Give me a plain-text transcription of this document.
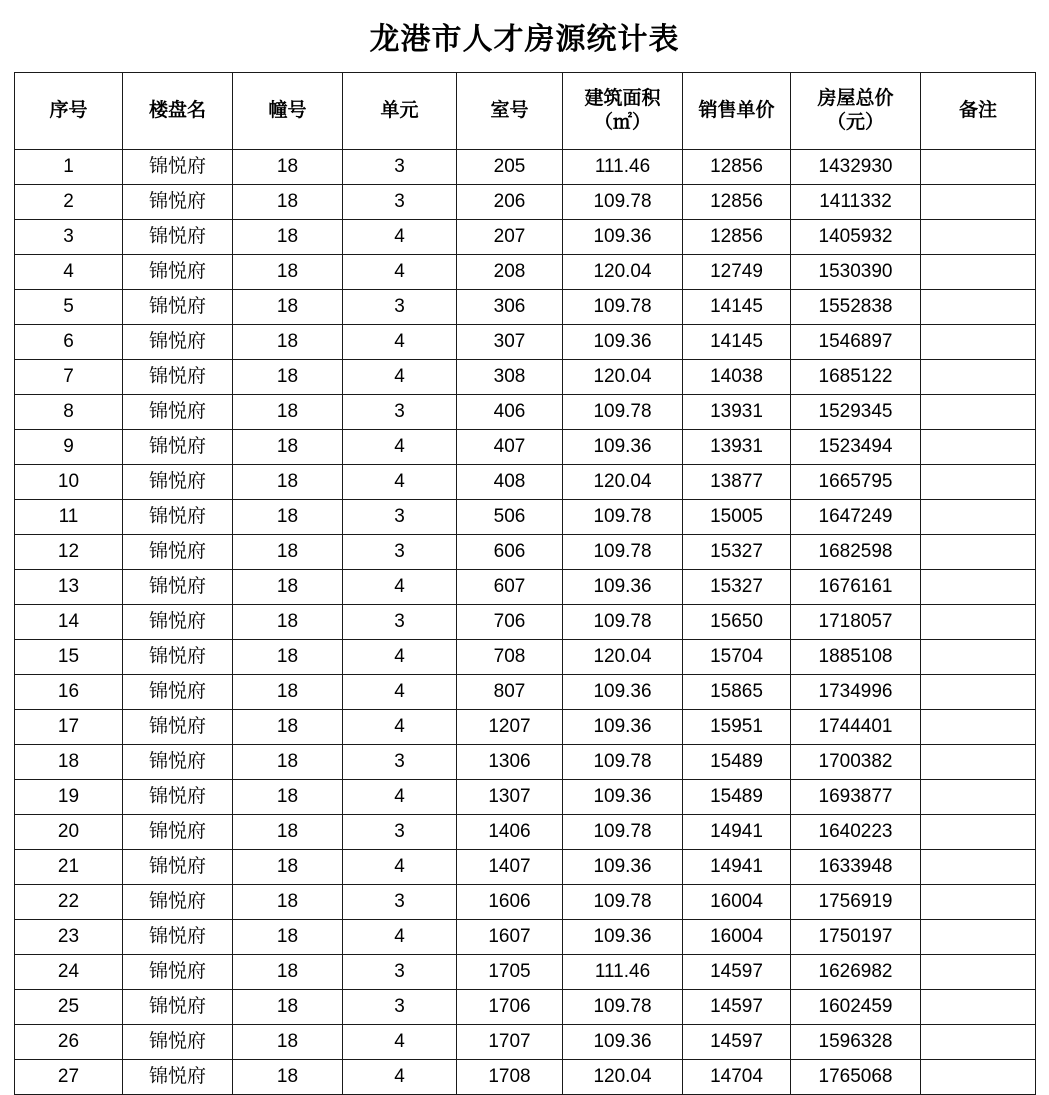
龙港市人才房源统计表
序号	楼盘名	幢号	单元	室号	建筑面积（㎡）	销售单价	房屋总价（元）	备注
1	锦悦府	18	3	205	111.46	12856	1432930	
2	锦悦府	18	3	206	109.78	12856	1411332	
3	锦悦府	18	4	207	109.36	12856	1405932	
4	锦悦府	18	4	208	120.04	12749	1530390	
5	锦悦府	18	3	306	109.78	14145	1552838	
6	锦悦府	18	4	307	109.36	14145	1546897	
7	锦悦府	18	4	308	120.04	14038	1685122	
8	锦悦府	18	3	406	109.78	13931	1529345	
9	锦悦府	18	4	407	109.36	13931	1523494	
10	锦悦府	18	4	408	120.04	13877	1665795	
11	锦悦府	18	3	506	109.78	15005	1647249	
12	锦悦府	18	3	606	109.78	15327	1682598	
13	锦悦府	18	4	607	109.36	15327	1676161	
14	锦悦府	18	3	706	109.78	15650	1718057	
15	锦悦府	18	4	708	120.04	15704	1885108	
16	锦悦府	18	4	807	109.36	15865	1734996	
17	锦悦府	18	4	1207	109.36	15951	1744401	
18	锦悦府	18	3	1306	109.78	15489	1700382	
19	锦悦府	18	4	1307	109.36	15489	1693877	
20	锦悦府	18	3	1406	109.78	14941	1640223	
21	锦悦府	18	4	1407	109.36	14941	1633948	
22	锦悦府	18	3	1606	109.78	16004	1756919	
23	锦悦府	18	4	1607	109.36	16004	1750197	
24	锦悦府	18	3	1705	111.46	14597	1626982	
25	锦悦府	18	3	1706	109.78	14597	1602459	
26	锦悦府	18	4	1707	109.36	14597	1596328	
27	锦悦府	18	4	1708	120.04	14704	1765068	
